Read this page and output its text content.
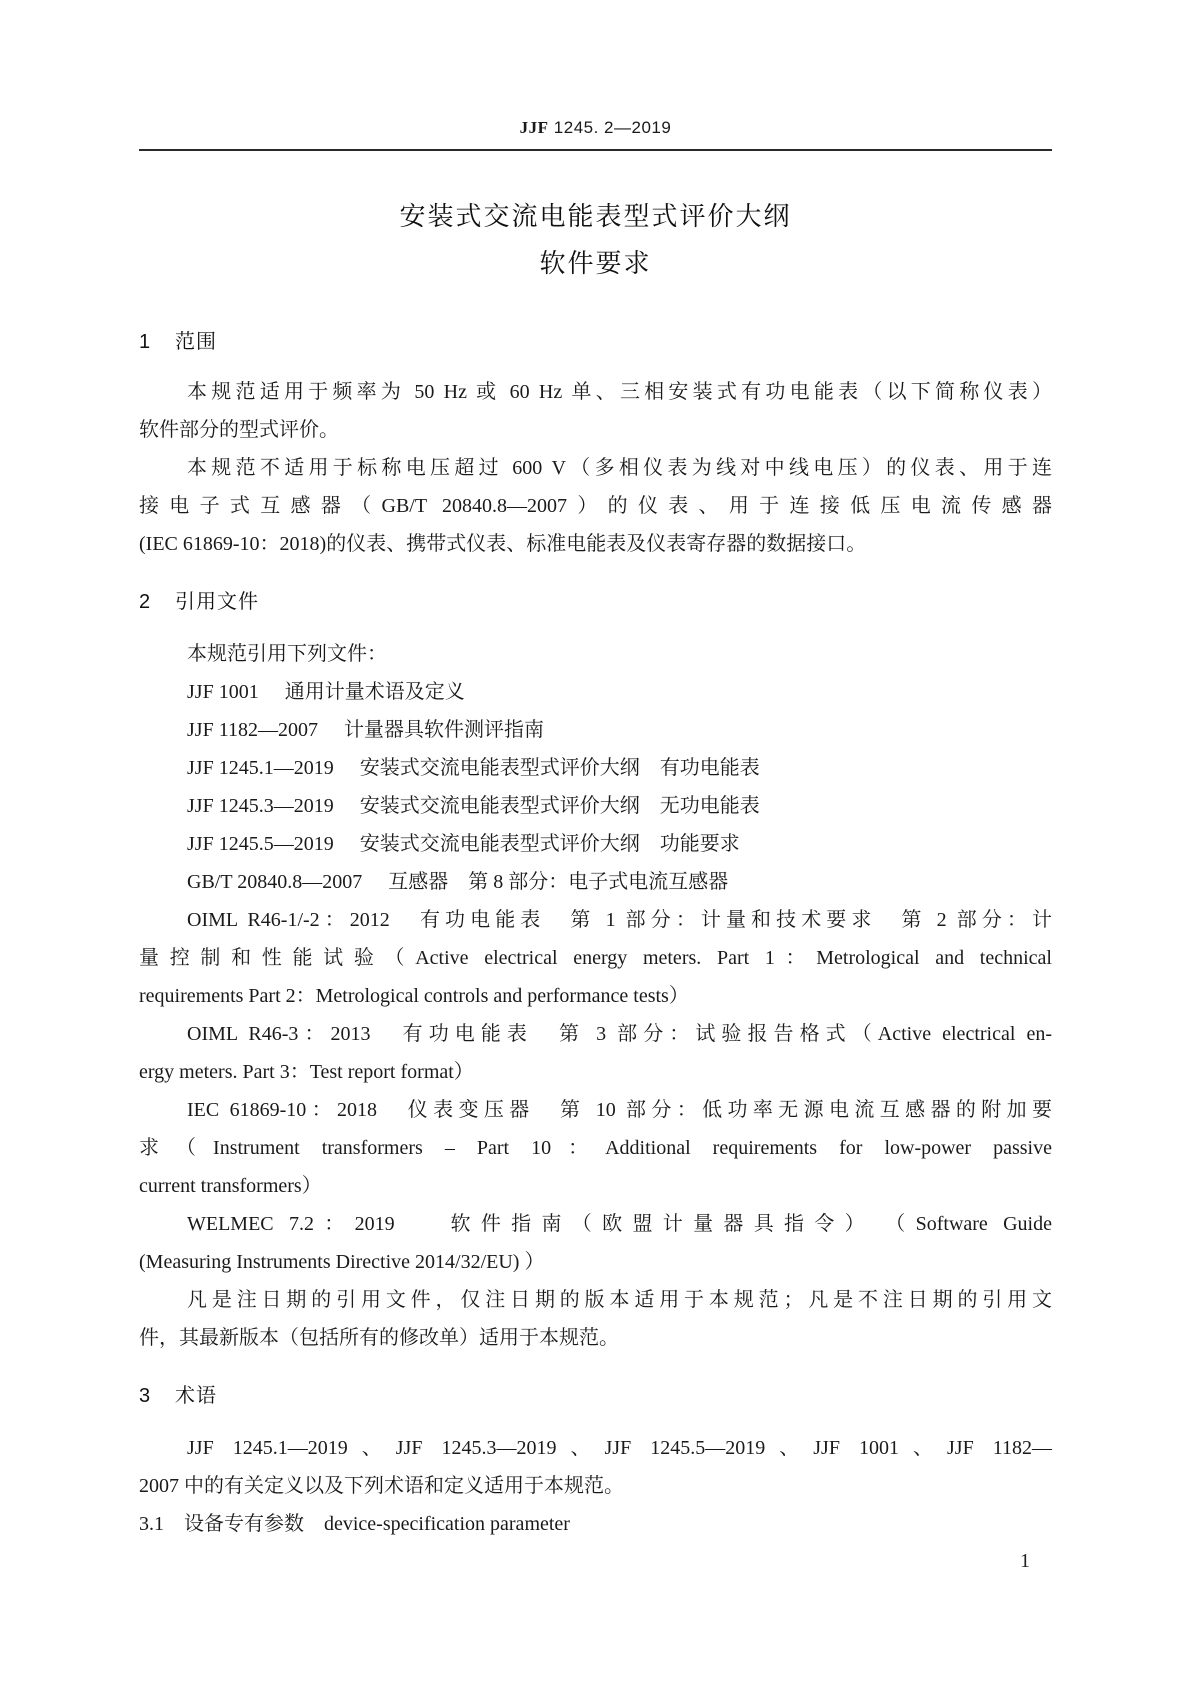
JJF 1245. 2—2019
安装式交流电能表型式评价大纲
软件要求
1 范围
本规范适用于频率为 50 Hz 或 60 Hz 单、三相安装式有功电能表（以下简称仪表）
软件部分的型式评价。
本规范不适用于标称电压超过 600 V（多相仪表为线对中线电压）的仪表、用于连
接电子式互感器（GB/T 20840.8—2007）的仪表、用于连接低压电流传感器
(IEC 61869-10：2018)的仪表、携带式仪表、标准电能表及仪表寄存器的数据接口。
2 引用文件
本规范引用下列文件：
JJF 1001 通用计量术语及定义
JJF 1182—2007 计量器具软件测评指南
JJF 1245.1—2019 安装式交流电能表型式评价大纲　有功电能表
JJF 1245.3—2019 安装式交流电能表型式评价大纲　无功电能表
JJF 1245.5—2019 安装式交流电能表型式评价大纲　功能要求
GB/T 20840.8—2007 互感器　第 8 部分：电子式电流互感器
OIML R46-1/-2：2012　有功电能表　第 1 部分：计量和技术要求　第 2 部分：计
量控制和性能试验（Active electrical energy meters. Part 1：Metrological and technical
requirements Part 2：Metrological controls and performance tests）
OIML R46-3：2013　有功电能表　第 3 部分：试验报告格式（Active electrical en-
ergy meters. Part 3：Test report format）
IEC 61869-10：2018　仪表变压器　第 10 部分：低功率无源电流互感器的附加要
求（Instrument transformers – Part 10：Additional requirements for low-power passive
current transformers）
WELMEC 7.2：2019　 软件指南（欧盟计量器具指令）　（Software Guide
(Measuring Instruments Directive 2014/32/EU) ）
凡是注日期的引用文件，仅注日期的版本适用于本规范；凡是不注日期的引用文
件，其最新版本（包括所有的修改单）适用于本规范。
3 术语
JJF 1245.1—2019、JJF 1245.3—2019、JJF 1245.5—2019、JJF 1001、JJF 1182—
2007 中的有关定义以及下列术语和定义适用于本规范。
3.1　设备专有参数　device-specification parameter
1
